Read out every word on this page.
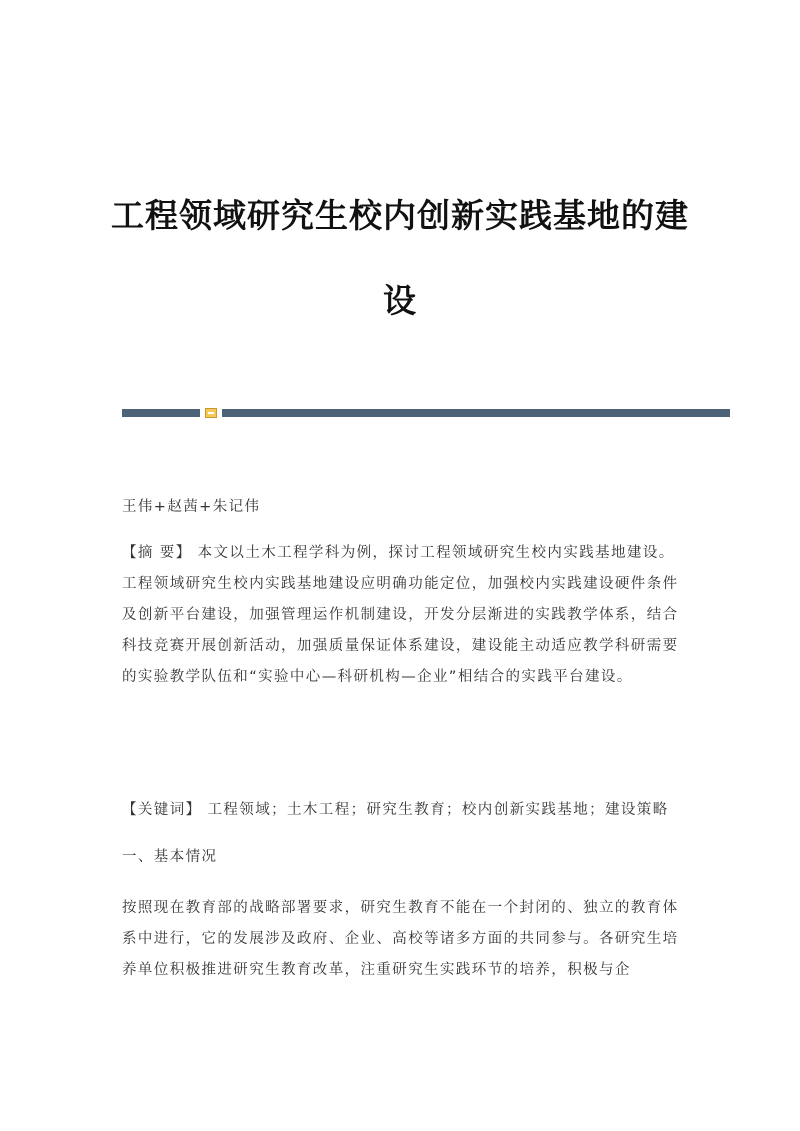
工程领域研究生校内创新实践基地的建
设

王伟+赵茜+朱记伟

【摘 要】 本文以土木工程学科为例，探讨工程领域研究生校内实践基地建设。工程领域研究生校内实践基地建设应明确功能定位，加强校内实践建设硬件条件及创新平台建设，加强管理运作机制建设，开发分层渐进的实践教学体系，结合科技竞赛开展创新活动，加强质量保证体系建设，建设能主动适应教学科研需要的实验教学队伍和“实验中心—科研机构—企业”相结合的实践平台建设。

【关键词】 工程领域；土木工程；研究生教育；校内创新实践基地；建设策略

一、基本情况

按照现在教育部的战略部署要求，研究生教育不能在一个封闭的、独立的教育体系中进行，它的发展涉及政府、企业、高校等诸多方面的共同参与。各研究生培养单位积极推进研究生教育改革，注重研究生实践环节的培养，积极与企
